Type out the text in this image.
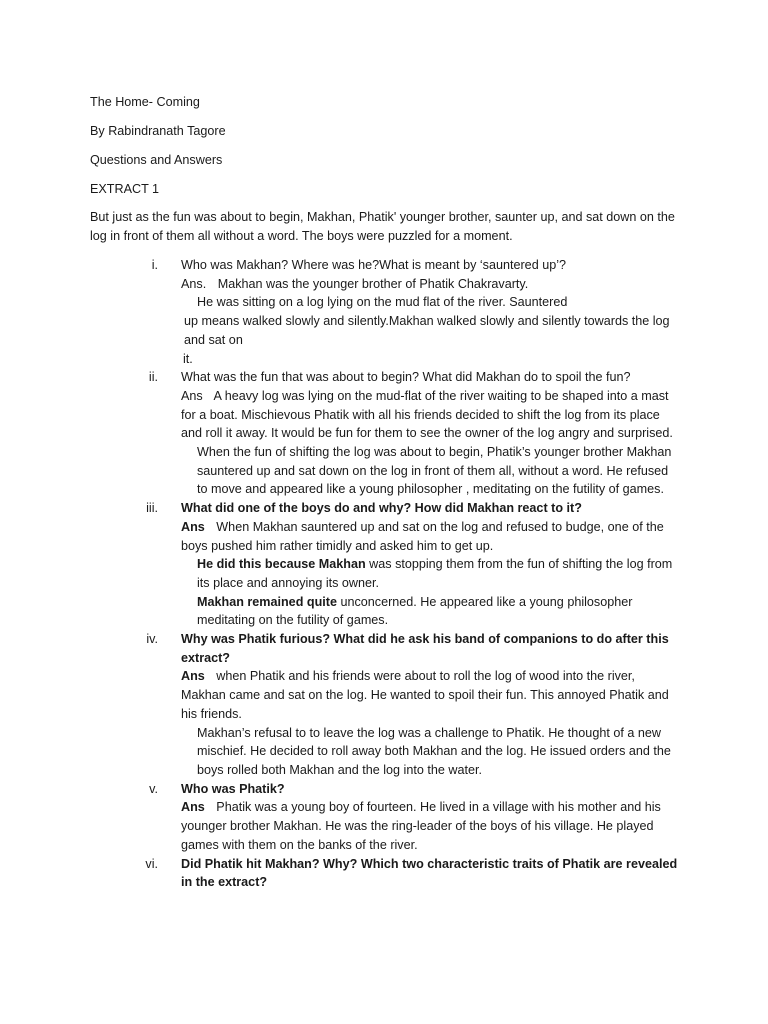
The Home- Coming
By Rabindranath Tagore
Questions and Answers
EXTRACT 1
But just as the fun was about to begin, Makhan, Phatik' younger brother, saunter up, and sat down on the log in front of them all without a word. The boys were puzzled for a moment.
i. Who was Makhan? Where was he?What is meant by ‘sauntered up’?
Ans. Makhan was the younger brother of Phatik Chakravarty.
He was sitting on a log lying on the mud flat of the river. Sauntered
up means walked slowly and silently.Makhan walked slowly and silently towards the log and sat on
it.
ii. What was the fun that was about to begin? What did Makhan do to spoil the fun?
Ans A heavy log was lying on the mud-flat of the river waiting to be shaped into a mast for a boat. Mischievous Phatik with all his friends decided to shift the log from its place and roll it away. It would be fun for them to see the owner of the log angry and surprised.
When the fun of shifting the log was about to begin, Phatik’s younger brother Makhan sauntered up and sat down on the log in front of them all, without a word. He refused to move and appeared like a young philosopher , meditating on the futility of games.
iii. What did one of the boys do and why? How did Makhan react to it?
Ans When Makhan sauntered up and sat on the log and refused to budge, one of the boys pushed him rather timidly and asked him to get up.
He did this because Makhan was stopping them from the fun of shifting the log from its place and annoying its owner.
Makhan remained quite unconcerned. He appeared like a young philosopher meditating on the futility of games.
iv. Why was Phatik furious? What did he ask his band of companions to do after this extract?
Ans when Phatik and his friends were about to roll the log of wood into the river, Makhan came and sat on the log. He wanted to spoil their fun. This annoyed Phatik and his friends.
Makhan’s refusal to to leave the log was a challenge to Phatik. He thought of a new mischief. He decided to roll away both Makhan and the log. He issued orders and the boys rolled both Makhan and the log into the water.
v. Who was Phatik?
Ans Phatik was a young boy of fourteen. He lived in a village with his mother and his younger brother Makhan. He was the ring-leader of the boys of his village. He played games with them on the banks of the river.
vi. Did Phatik hit Makhan? Why? Which two characteristic traits of Phatik are revealed in the extract?
